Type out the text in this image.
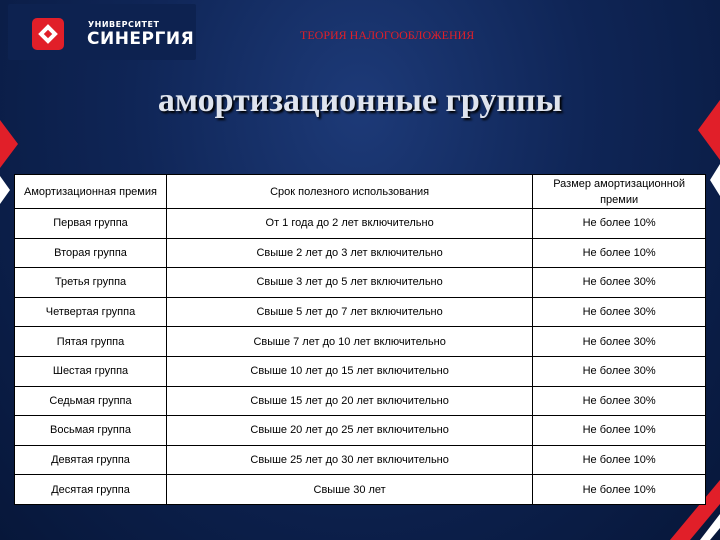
УНИВЕРСИТЕТ
СИНЕРГИЯ	ТЕОРИЯ НАЛОГООБЛОЖЕНИЯ
амортизационные группы
Амортизационная премия	Срок полезного использования	Размер амортизационной премии
Первая группа	От 1 года до 2 лет включительно	Не более 10%
Вторая группа	Свыше 2 лет до 3 лет включительно	Не более 10%
Третья группа	Свыше 3 лет до 5 лет включительно	Не более 30%
Четвертая группа	Свыше 5 лет до 7 лет включительно	Не более 30%
Пятая группа	Свыше 7 лет до 10 лет включительно	Не более 30%
Шестая группа	Свыше 10 лет до 15 лет включительно	Не более 30%
Седьмая группа	Свыше 15 лет до 20 лет включительно	Не более 30%
Восьмая группа	Свыше 20 лет до 25 лет включительно	Не более 10%
Девятая группа	Свыше 25 лет до 30 лет включительно	Не более 10%
Десятая группа	Свыше 30 лет	Не более 10%
